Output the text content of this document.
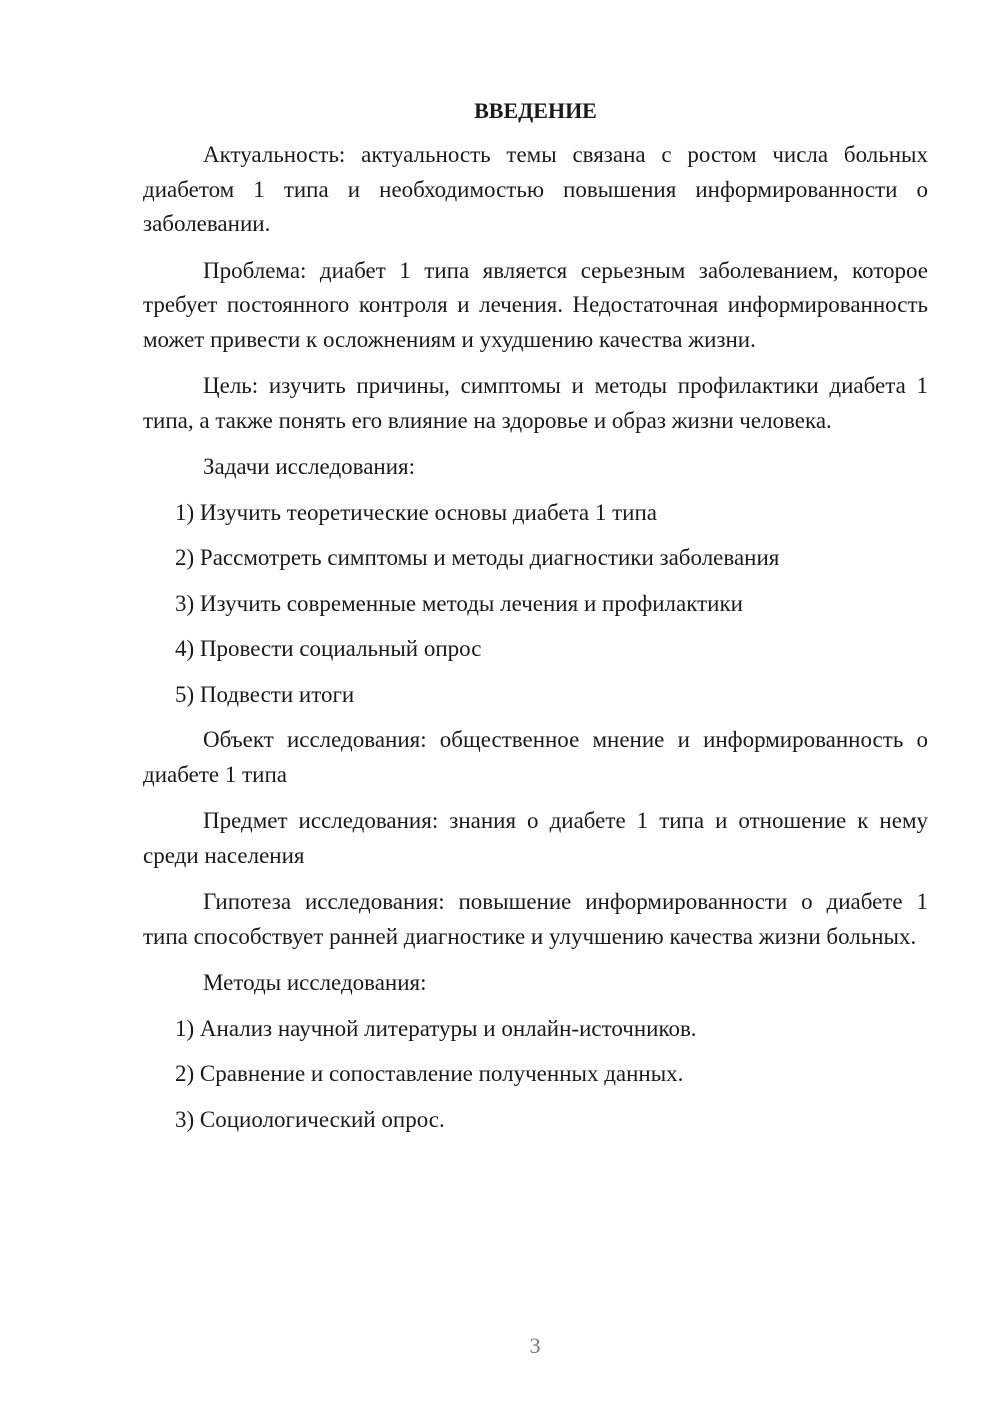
ВВЕДЕНИЕ
Актуальность: актуальность темы связана с ростом числа больных диабетом 1 типа и необходимостью повышения информированности о заболевании.
Проблема: диабет 1 типа является серьезным заболеванием, которое требует постоянного контроля и лечения. Недостаточная информированность может привести к осложнениям и ухудшению качества жизни.
Цель: изучить причины, симптомы и методы профилактики диабета 1 типа, а также понять его влияние на здоровье и образ жизни человека.
Задачи исследования:
1) Изучить теоретические основы диабета 1 типа
2) Рассмотреть симптомы и методы диагностики заболевания
3) Изучить современные методы лечения и профилактики
4) Провести социальный опрос
5) Подвести итоги
Объект исследования: общественное мнение и информированность о диабете 1 типа
Предмет исследования: знания о диабете 1 типа и отношение к нему среди населения
Гипотеза исследования: повышение информированности о диабете 1 типа способствует ранней диагностике и улучшению качества жизни больных.
Методы исследования:
1) Анализ научной литературы и онлайн-источников.
2) Сравнение и сопоставление полученных данных.
3) Социологический опрос.
3
